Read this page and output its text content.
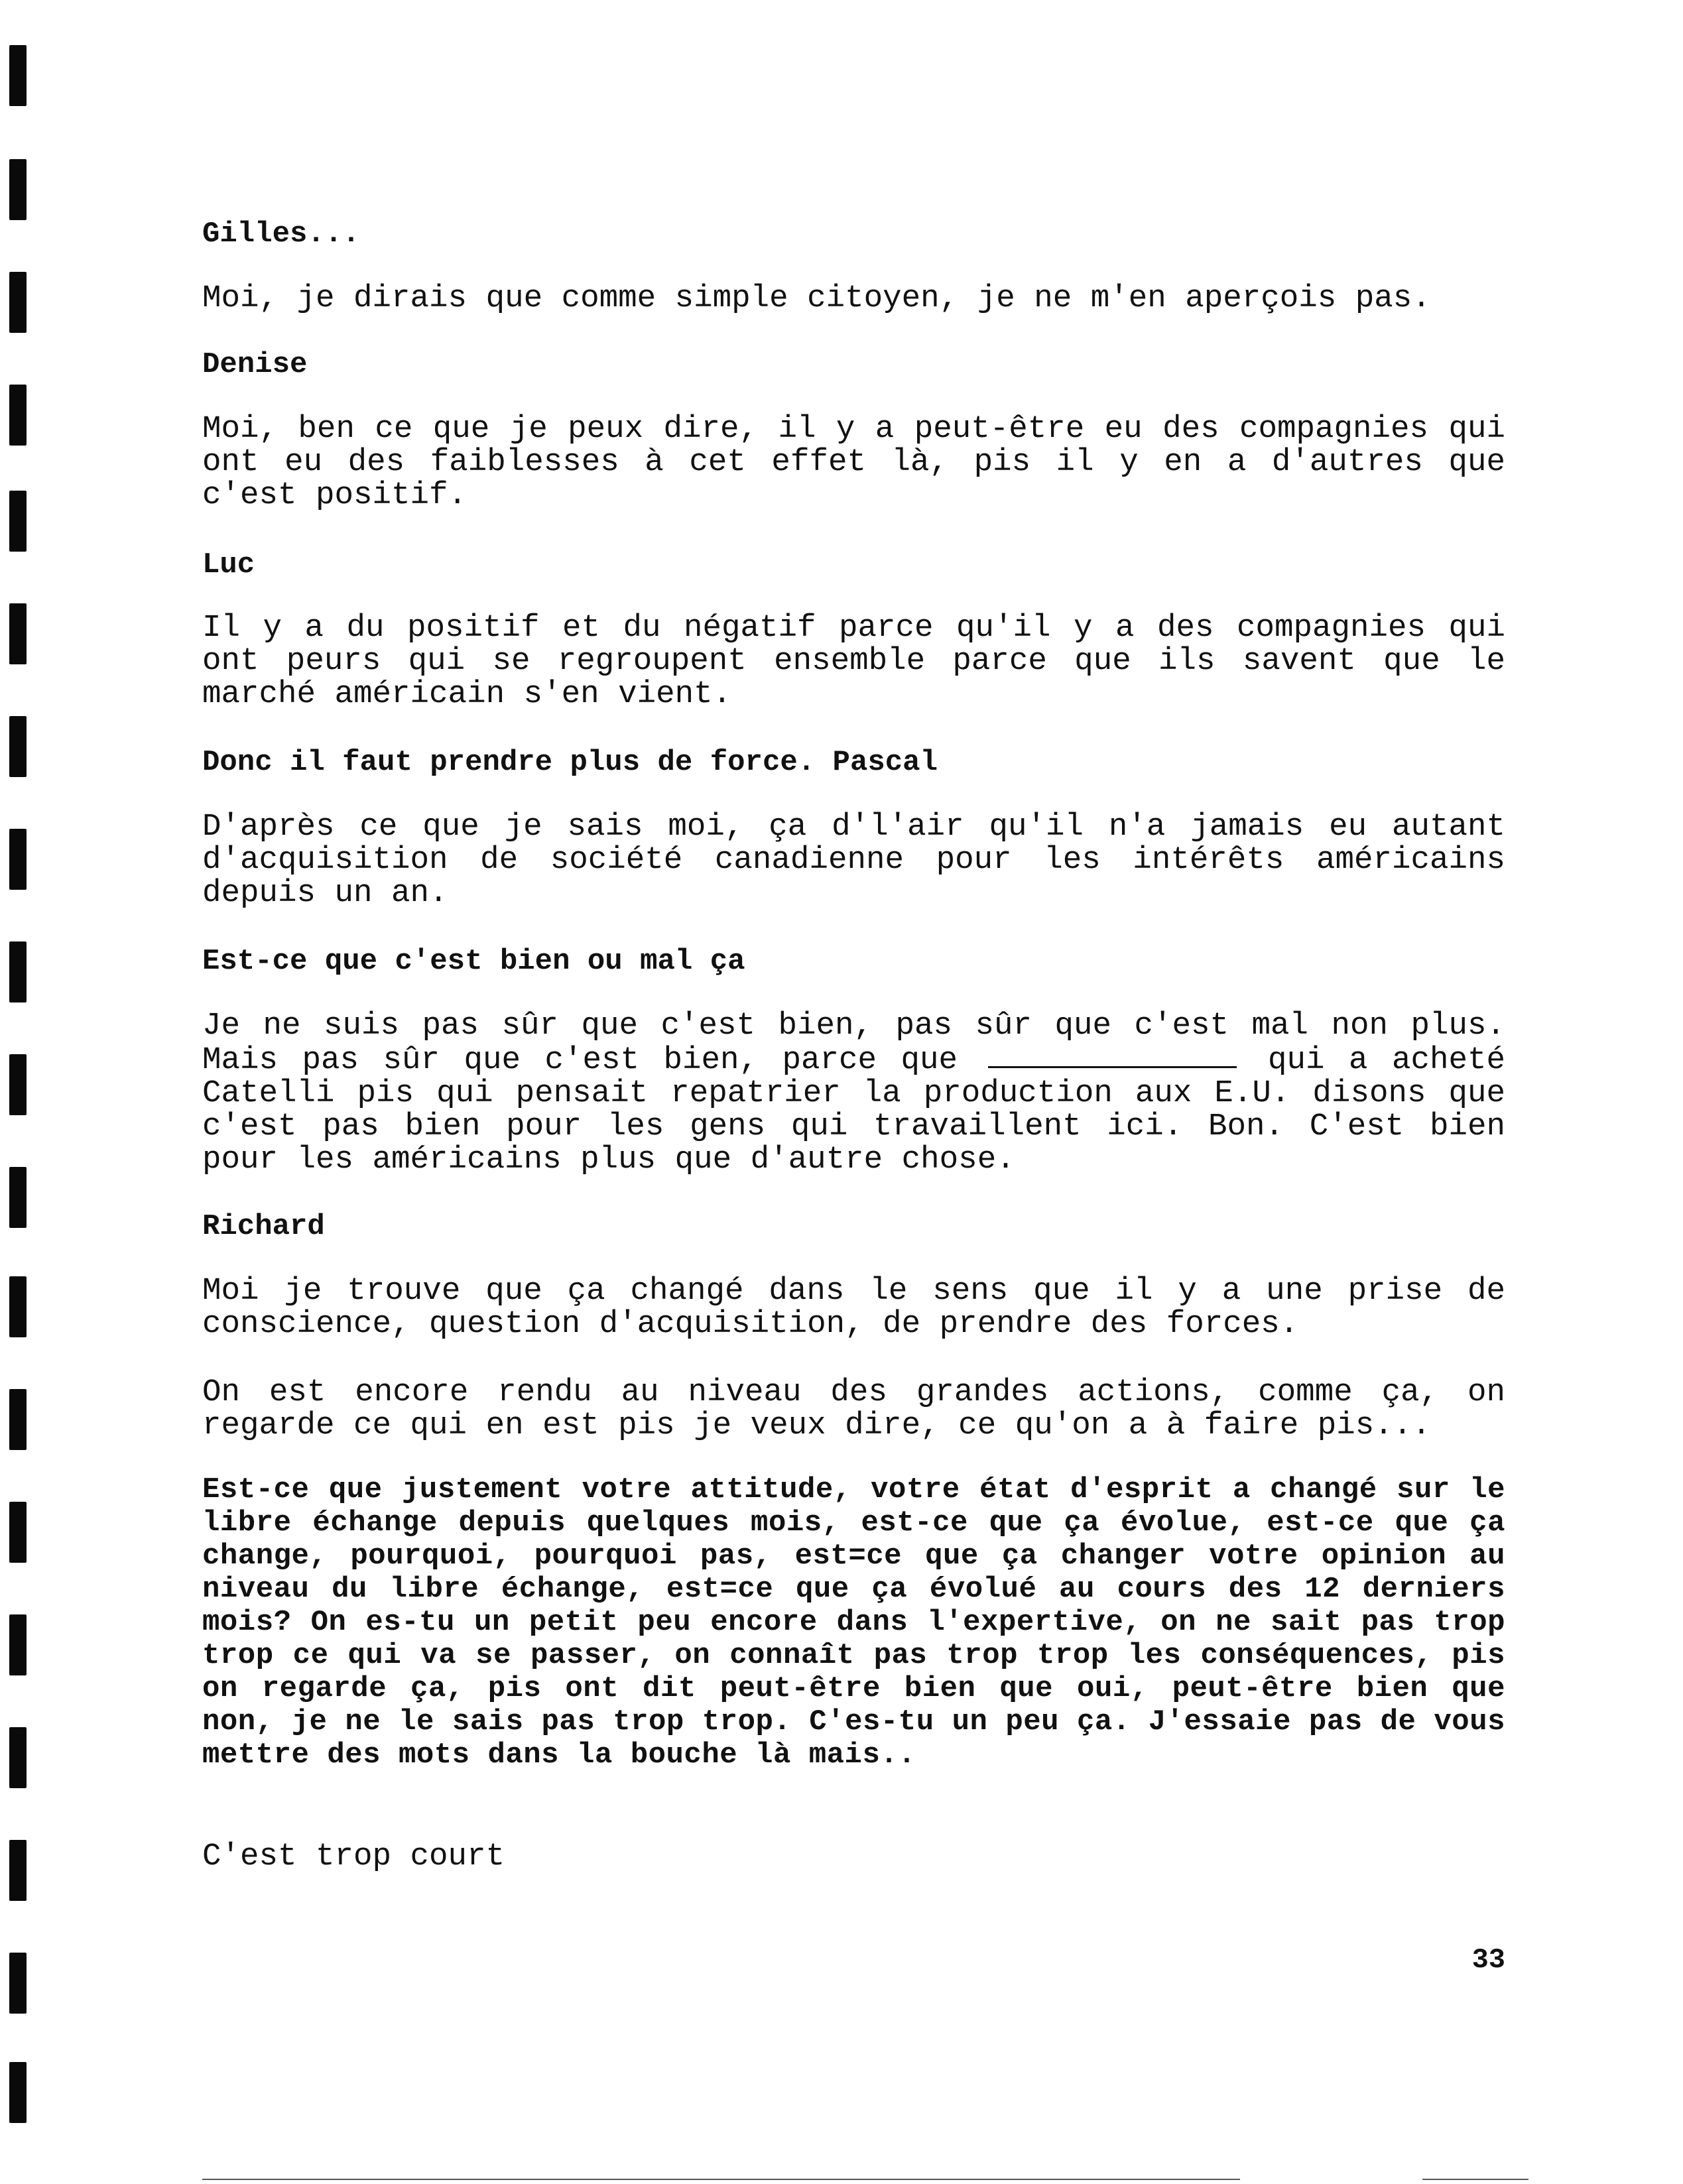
Gilles...
Moi, je dirais que comme simple citoyen, je ne m'en aperçois pas.
Denise
Moi, ben ce que je peux dire, il y a peut-être eu des compagnies qui ont eu des faiblesses à cet effet là, pis il y en a d'autres que c'est positif.
Luc
Il y a du positif et du négatif parce qu'il y a des compagnies qui ont peurs qui se regroupent ensemble parce que ils savent que le marché américain s'en vient.
Donc il faut prendre plus de force. Pascal
D'après ce que je sais moi, ça d'l'air qu'il n'a jamais eu autant d'acquisition de société canadienne pour les intérêts américains depuis un an.
Est-ce que c'est bien ou mal ça
Je ne suis pas sûr que c'est bien, pas sûr que c'est mal non plus. Mais pas sûr que c'est bien, parce que	qui a acheté Catelli pis qui pensait repatrier la production aux E.U. disons que c'est pas bien pour les gens qui travaillent ici. Bon. C'est bien pour les américains plus que d'autre chose.
Richard
Moi je trouve que ça changé dans le sens que il y a une prise de conscience, question d'acquisition, de prendre des forces.
On est encore rendu au niveau des grandes actions, comme ça, on regarde ce qui en est pis je veux dire, ce qu'on a à faire pis...
Est-ce que justement votre attitude, votre état d'esprit a changé sur le libre échange depuis quelques mois, est-ce que ça évolue, est-ce que ça change, pourquoi, pourquoi pas, est=ce que ça changer votre opinion au niveau du libre échange, est=ce que ça évolué au cours des 12 derniers mois? On es-tu un petit peu encore dans l'expertive, on ne sait pas trop trop ce qui va se passer, on connaît pas trop trop les conséquences, pis on regarde ça, pis ont dit peut-être bien que oui, peut-être bien que non, je ne le sais pas trop trop. C'es-tu un peu ça. J'essaie pas de vous mettre des mots dans la bouche là mais..
C'est trop court
33
